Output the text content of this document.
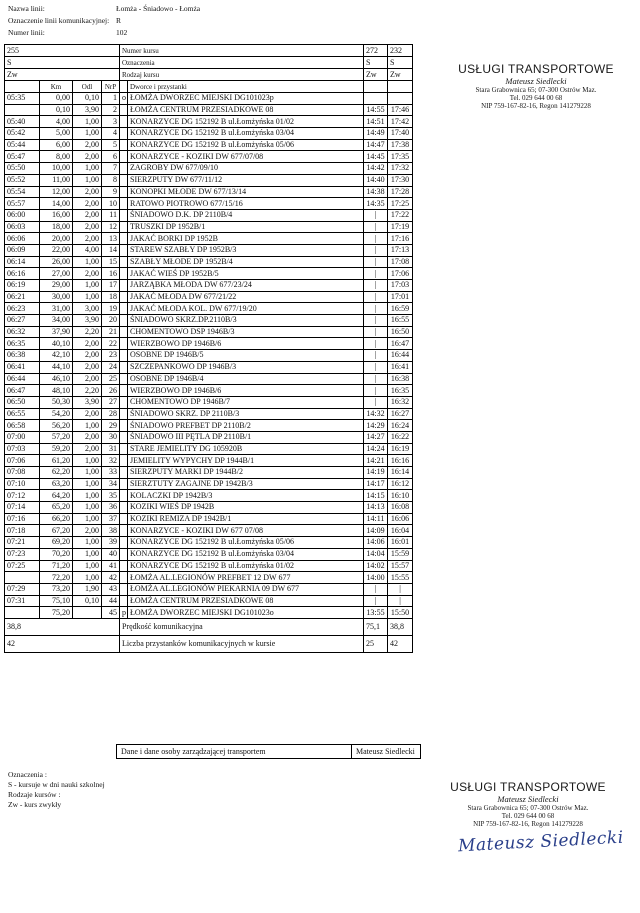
Nazwa linii:	Łomża - Śniadowo - Łomża
Oznaczenie linii komunikacyjnej: R
Numer linii:	102
255				Numer kursu		272	232
S				Oznaczenia		S	S
Zw				Rodzaj kursu		Zw	Zw
	Km	Odl	NrP		Dworce i przystanki		
05:35	0,00	0,10	1	o	ŁOMŻA DWORZEC MIEJSKI DG101023 p		

	0,10	3,90	2		ŁOMŻA CENTRUM PRZESIADKOWE 08	14:55	17:46
05:40	4,00	1,00	3		KONARZYCE DG 152192 B ul.Łomżyńska 01/02	14:51	17:42
05:42	5,00	1,00	4		KONARZYCE DG 152192 B ul.Łomżyńska 03/04	14:49	17:40
05:44	6,00	2,00	5		KONARZYCE DG 152192 B ul.Łomżyńska 05/06	14:47	17:38
05:47	8,00	2,00	6		KONARZYCE - KOZIKI DW 677/07/08	14:45	17:35
05:50	10,00	1,00	7		ZAGROBY DW 677/09/10	14:42	17:32
05:52	11,00	1,00	8		SIERZPUTY DW 677/11/12	14:40	17:30
05:54	12,00	2,00	9		KONOPKI MŁODE DW 677/13/14	14:38	17:28
05:57	14,00	2,00	10		RATOWO PIOTROWO 677/15/16	14:35	17:25
06:00	16,00	2,00	11		ŚNIADOWO D.K. DP 2110B/4	|	17:22
06:03	18,00	2,00	12		TRUSZKI DP 1952B/1	|	17:19
06:06	20,00	2,00	13		JAKAĆ BORKI DP 1952B	|	17:16
06:09	22,00	4,00	14		STAREW SZABŁY DP 1952B/3	|	17:13
06:14	26,00	1,00	15		SZABŁY MŁODE DP 1952B/4	|	17:08
06:16	27,00	2,00	16		JAKAĆ WIEŚ DP 1952B/5	|	17:06
06:19	29,00	1,00	17		JARZĄBKA MŁODA DW 677/23/24	|	17:03
06:21	30,00	1,00	18		JAKAĆ MŁODA DW 677/21/22	|	17:01
06:23	31,00	3,00	19		JAKAĆ MŁODA KOL. DW 677/19/20	|	16:59
06:27	34,00	3,90	20		ŚNIADOWO SKRZ.DP.2110B/3	|	16:55
06:32	37,90	2,20	21		CHOMENTOWO DSP 1946B/3	|	16:50
06:35	40,10	2,00	22		WIERZBOWO DP 1946B/6	|	16:47
06:38	42,10	2,00	23		OSOBNE DP 1946B/5	|	16:44
06:41	44,10	2,00	24		SZCZEPANKOWO DP 1946B/3	|	16:41
06:44	46,10	2,00	25		OSOBNE DP 1946B/4	|	16:38
06:47	48,10	2,20	26		WIERZBOWO DP 1946B/6	|	16:35
06:50	50,30	3,90	27		CHOMENTOWO DP 1946B/7	|	16:32
06:55	54,20	2,00	28		ŚNIADOWO SKRZ. DP 2110B/3	14:32	16:27
06:58	56,20	1,00	29		ŚNIADOWO PREFBET DP 2110B/2	14:29	16:24
07:00	57,20	2,00	30		ŚNIADOWO III PĘTLA DP 2110B/1	14:27	16:22
07:03	59,20	2,00	31		STARE JEMIELITY DG 105920B	14:24	16:19
07:06	61,20	1,00	32		JEMIELITY WYPYCHY DP 1944B/1	14:21	16:16
07:08	62,20	1,00	33		SIERZPUTY MARKI DP 1944B/2	14:19	16:14
07:10	63,20	1,00	34		SIERZTUTY ZAGAJNE DP 1942B/3	14:17	16:12
07:12	64,20	1,00	35		KOLACZKI DP 1942B/3	14:15	16:10
07:14	65,20	1,00	36		KOZIKI WIEŚ DP 1942B	14:13	16:08
07:16	66,20	1,00	37		KOZIKI REMIZA DP 1942B/1	14:11	16:06
07:18	67,20	2,00	38		KONARZYCE - KOZIKI DW 677 07/08	14:09	16:04
07:21	69,20	1,00	39		KONARZYCE DG 152192 B ul.Łomżyńska 05/06	14:06	16:01
07:23	70,20	1,00	40		KONARZYCE DG 152192 B ul.Łomżyńska 03/04	14:04	15:59
07:25	71,20	1,00	41		KONARZYCE DG 152192 B ul.Łomżyńska 01/02	14:02	15:57
	72,20	1,00	42		ŁOMŻA AL.LEGIONÓW PREFBET 12 DW 677	14:00	15:55
07:29	73,20	1,90	43		ŁOMŻA AL.LEGIONÓW PIEKARNIA 09 DW 677	|	|
07:31	75,10	0,10	44		ŁOMŻA CENTRUM PRZESIADKOWE 08	|	|
	75,20		45	p	ŁOMŻA DWORZEC MIEJSKI DG101023 o	13:55	15:50
38,8				Prędkość komunikacyjna		75,1	38,8
42				Liczba przystanków komunikacyjnych w kursie		25	42
Dane i dane osoby zarządzającej transportem	Mateusz Siedlecki
USŁUGI TRANSPORTOWE
Mateusz Siedlecki
Stara Grabownica 65; 07-300 Ostrów Maz.
Tel. 029 644 00 68
NIP 759-167-82-16, Regon 141279228
USŁUGI TRANSPORTOWE
Mateusz Siedlecki
Stara Grabownica 65; 07-300 Ostrów Maz.
Tel. 029 644 00 68
NIP 759-167-82-16, Regon 141279228
Mateusz Siedlecki
Oznaczenia :
S - kursuje w dni nauki szkolnej
Rodzaje kursów :
Zw - kurs zwykły
